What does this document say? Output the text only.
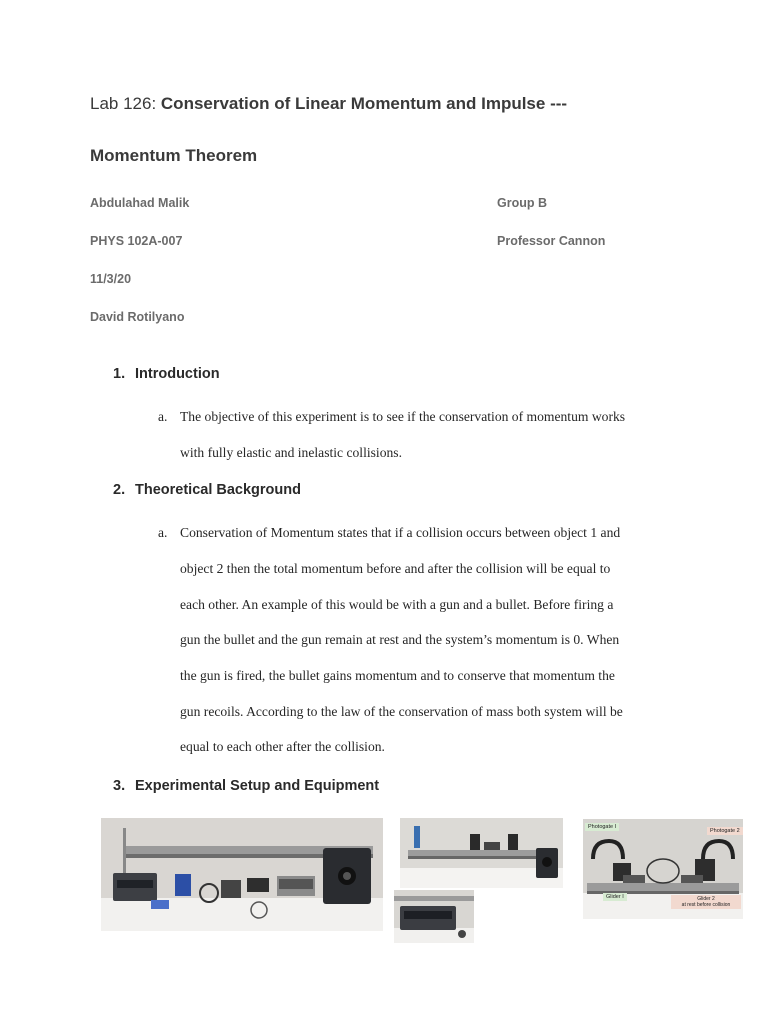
Lab 126: Conservation of Linear Momentum and Impulse ---
Momentum Theorem
Abdulahad Malik	Group B
PHYS 102A-007	Professor Cannon
11/3/20
David Rotilyano
1. Introduction
a. The objective of this experiment is to see if the conservation of momentum works
with fully elastic and inelastic collisions.
2. Theoretical Background
a. Conservation of Momentum states that if a collision occurs between object 1 and
object 2 then the total momentum before and after the collision will be equal to
each other. An example of this would be with a gun and a bullet. Before firing a
gun the bullet and the gun remain at rest and the system’s momentum is 0. When
the gun is fired, the bullet gains momentum and to conserve that momentum the
gun recoils. According to the law of the conservation of mass both system will be
equal to each other after the collision.
3. Experimental Setup and Equipment
Photogate I
Photogate 2
Glider I	Glider 2
at rest before collision
